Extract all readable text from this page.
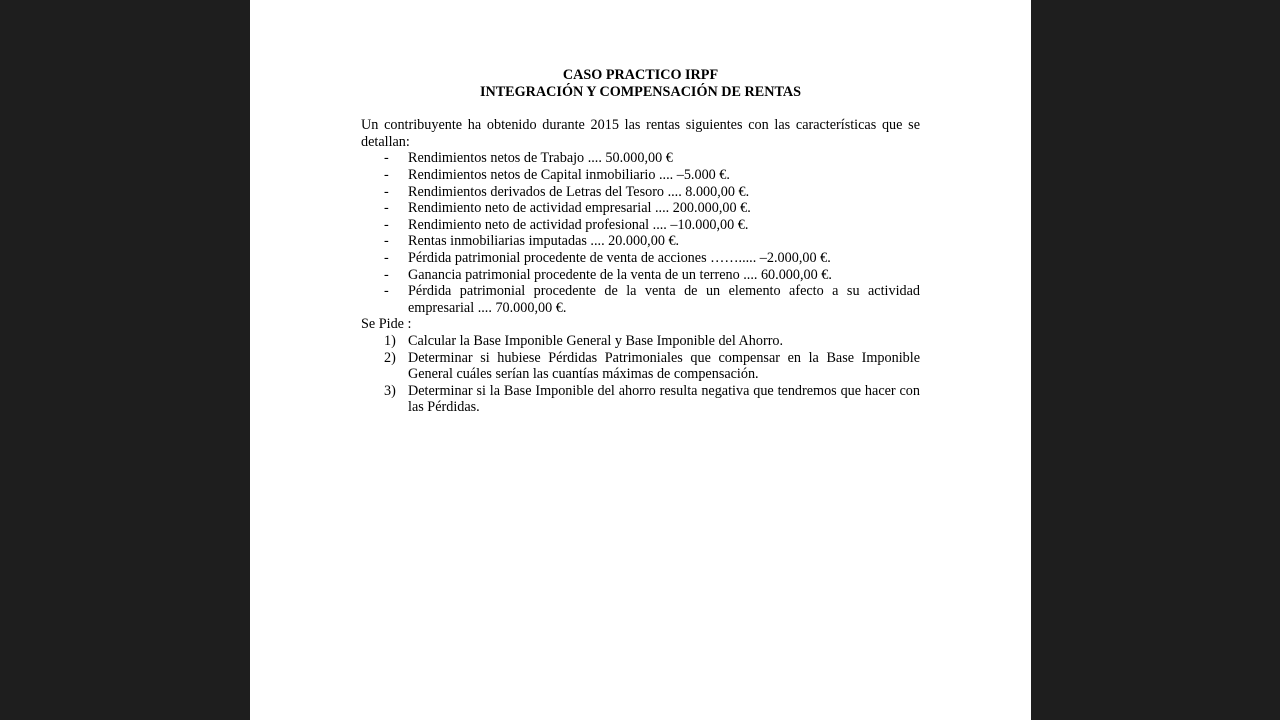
CASO PRACTICO IRPF

INTEGRACIÓN Y COMPENSACIÓN DE RENTAS

Un contribuyente ha obtenido durante 2015 las rentas siguientes con las características que se detallan:
- Rendimientos netos de Trabajo .... 50.000,00 €
- Rendimientos netos de Capital inmobiliario .... –5.000 €.
- Rendimientos derivados de Letras del Tesoro .... 8.000,00 €.
- Rendimiento neto de actividad empresarial .... 200.000,00 €.
- Rendimiento neto de actividad profesional .... –10.000,00 €.
- Rentas inmobiliarias imputadas .... 20.000,00 €.
- Pérdida patrimonial procedente de venta de acciones ……..... –2.000,00 €.
- Ganancia patrimonial procedente de la venta de un terreno .... 60.000,00 €.
- Pérdida patrimonial procedente de la venta de un elemento afecto a su actividad empresarial .... 70.000,00 €.

Se Pide :

1) Calcular la Base Imponible General y Base Imponible del Ahorro.
2) Determinar si hubiese Pérdidas Patrimoniales que compensar en la Base Imponible General cuáles serían las cuantías máximas de compensación.
3) Determinar si la Base Imponible del ahorro resulta negativa que tendremos que hacer con las Pérdidas.
